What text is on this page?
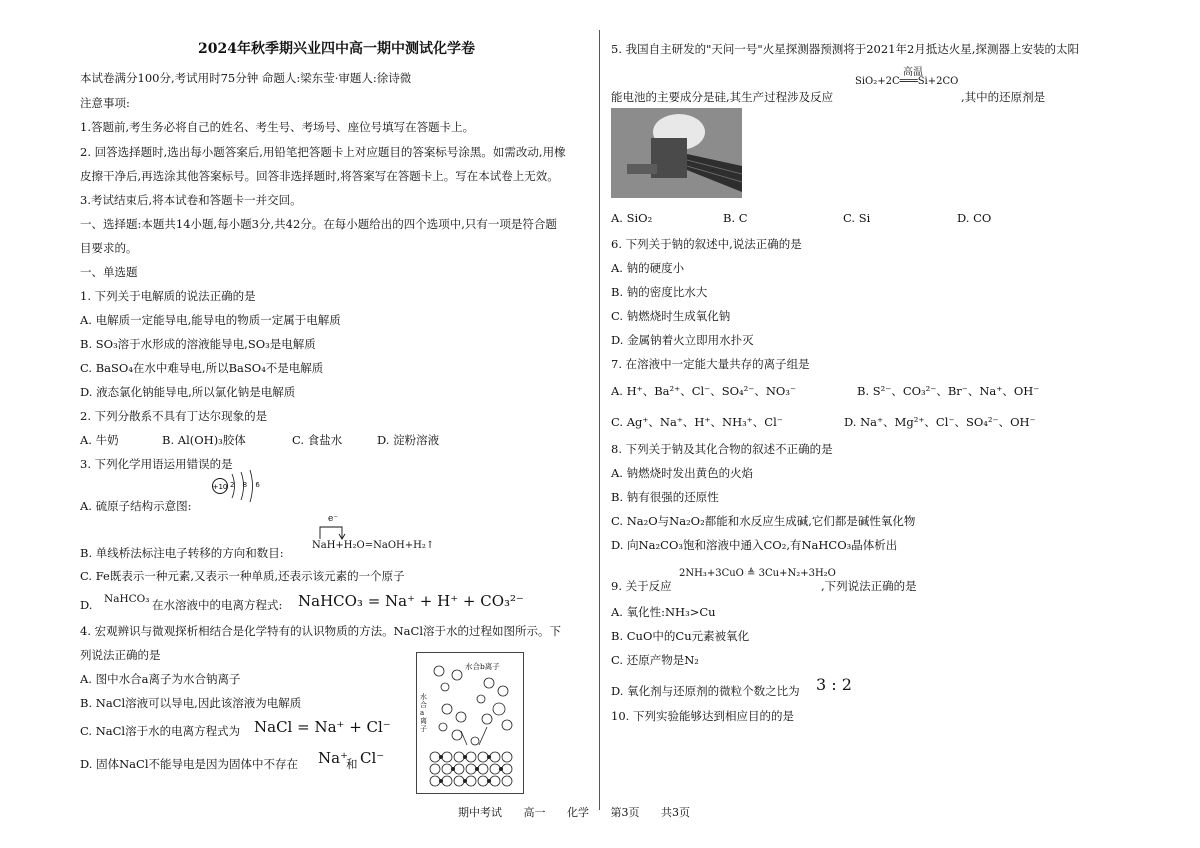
2024年秋季期兴业四中高一期中测试化学卷
本试卷满分100分,考试用时75分钟 命题人:梁东莹·审题人:徐诗微
注意事项:
1.答题前,考生务必将自己的姓名、考生号、考场号、座位号填写在答题卡上。
2. 回答选择题时,选出每小题答案后,用铅笔把答题卡上对应题目的答案标号涂黑。如需改动,用橡
皮擦干净后,再选涂其他答案标号。回答非选择题时,将答案写在答题卡上。写在本试卷上无效。
3.考试结束后,将本试卷和答题卡一并交回。
一、选择题:本题共14小题,每小题3分,共42分。在每小题给出的四个选项中,只有一项是符合题
目要求的。
一、单选题
1. 下列关于电解质的说法正确的是
A. 电解质一定能导电,能导电的物质一定属于电解质
B. SO₃溶于水形成的溶液能导电,SO₃是电解质
C. BaSO₄在水中难导电,所以BaSO₄不是电解质
D. 液态氯化钠能导电,所以氯化钠是电解质
2. 下列分散系不具有丁达尔现象的是
A. 牛奶	B. Al(OH)₃胶体	C. 食盐水	D. 淀粉溶液
3. 下列化学用语运用错误的是
A. 硫原子结构示意图:
+10 2 8 6
B. 单线桥法标注电子转移的方向和数目:
NaH+H₂O=NaOH+H₂↑
e⁻
C. Fe既表示一种元素,又表示一种单质,还表示该元素的一个原子
D. NaHCO₃ 在水溶液中的电离方程式: NaHCO₃ = Na⁺ + H⁺ + CO₃²⁻
4. 宏观辨识与微观探析相结合是化学特有的认识物质的方法。NaCl溶于水的过程如图所示。下
列说法正确的是
A. 图中水合a离子为水合钠离子
B. NaCl溶液可以导电,因此该溶液为电解质
C. NaCl溶于水的电离方程式为 NaCl = Na⁺ + Cl⁻
D. 固体NaCl不能导电是因为固体中不存在 Na⁺
和 Cl⁻
水合b离子
水合a离子
5. 我国自主研发的"天问一号"火星探测器预测将于2021年2月抵达火星,探测器上安装的太阳
高温
SiO₂+2C═══Si+2CO
能电池的主要成分是硅,其生产过程涉及反应	,其中的还原剂是
A. SiO₂	B. C	C. Si	D. CO
6. 下列关于钠的叙述中,说法正确的是
A. 钠的硬度小
B. 钠的密度比水大
C. 钠燃烧时生成氧化钠
D. 金属钠着火立即用水扑灭
7. 在溶液中一定能大量共存的离子组是
A. H⁺、Ba²⁺、Cl⁻、SO₄²⁻、NO₃⁻	B. S²⁻、CO₃²⁻、Br⁻、Na⁺、OH⁻
C. Ag⁺、Na⁺、H⁺、NH₃⁺、Cl⁻	D. Na⁺、Mg²⁺、Cl⁻、SO₄²⁻、OH⁻
8. 下列关于钠及其化合物的叙述不正确的是
A. 钠燃烧时发出黄色的火焰
B. 钠有很强的还原性
C. Na₂O与Na₂O₂都能和水反应生成碱,它们都是碱性氧化物
D. 向Na₂CO₃饱和溶液中通入CO₂,有NaHCO₃晶体析出
9. 关于反应
2NH₃+3CuO ≜ 3Cu+N₂+3H₂O
,下列说法正确的是
A. 氧化性:NH₃>Cu
B. CuO中的Cu元素被氧化
C. 还原产物是N₂
D. 氧化剂与还原剂的微粒个数之比为 3 : 2
10. 下列实验能够达到相应目的的是
期中考试 高一 化学 第3页 共3页
